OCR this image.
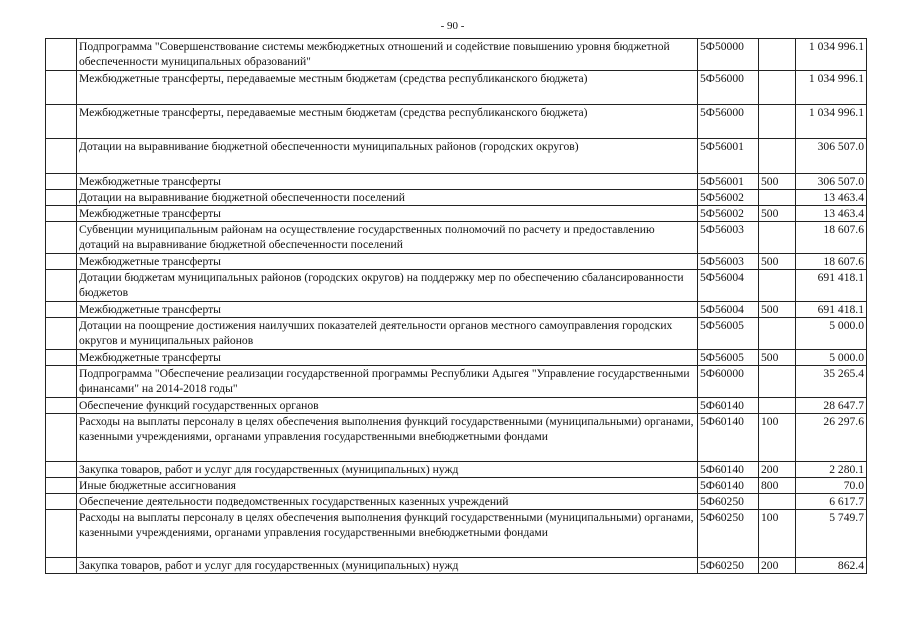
- 90 -
	Подпрограмма "Совершенствование системы межбюджетных отношений и содействие повышению уровня бюджетной обеспеченности муниципальных образований"	5Ф50000		1 034 996.1
	Межбюджетные трансферты, передаваемые местным бюджетам (средства республиканского бюджета)	5Ф56000		1 034 996.1
	Межбюджетные трансферты, передаваемые местным бюджетам (средства республиканского бюджета)	5Ф56000		1 034 996.1
	Дотации на выравнивание бюджетной обеспеченности муниципальных районов (городских округов)	5Ф56001		306 507.0
	Межбюджетные трансферты	5Ф56001	500	306 507.0
	Дотации на выравнивание бюджетной обеспеченности поселений	5Ф56002		13 463.4
	Межбюджетные трансферты	5Ф56002	500	13 463.4
	Субвенции муниципальным районам на осуществление государственных полномочий по расчету и предоставлению дотаций на выравнивание бюджетной обеспеченности поселений	5Ф56003		18 607.6
	Межбюджетные трансферты	5Ф56003	500	18 607.6
	Дотации бюджетам муниципальных районов (городских округов) на поддержку мер по обеспечению сбалансированности бюджетов	5Ф56004		691 418.1
	Межбюджетные трансферты	5Ф56004	500	691 418.1
	Дотации на поощрение достижения наилучших показателей деятельности органов местного самоуправления городских округов и муниципальных районов	5Ф56005		5 000.0
	Межбюджетные трансферты	5Ф56005	500	5 000.0
	Подпрограмма "Обеспечение реализации государственной программы Республики Адыгея "Управление государственными финансами" на 2014-2018 годы"	5Ф60000		35 265.4
	Обеспечение функций государственных органов	5Ф60140		28 647.7
	Расходы на выплаты персоналу в целях обеспечения выполнения функций государственными (муниципальными) органами, казенными учреждениями, органами управления государственными внебюджетными фондами	5Ф60140	100	26 297.6
	Закупка товаров, работ и услуг для государственных (муниципальных) нужд	5Ф60140	200	2 280.1
	Иные бюджетные ассигнования	5Ф60140	800	70.0
	Обеспечение деятельности подведомственных государственных казенных учреждений	5Ф60250		6 617.7
	Расходы на выплаты персоналу в целях обеспечения выполнения функций государственными (муниципальными) органами, казенными учреждениями, органами управления государственными внебюджетными фондами	5Ф60250	100	5 749.7
	Закупка товаров, работ и услуг для государственных (муниципальных) нужд	5Ф60250	200	862.4
